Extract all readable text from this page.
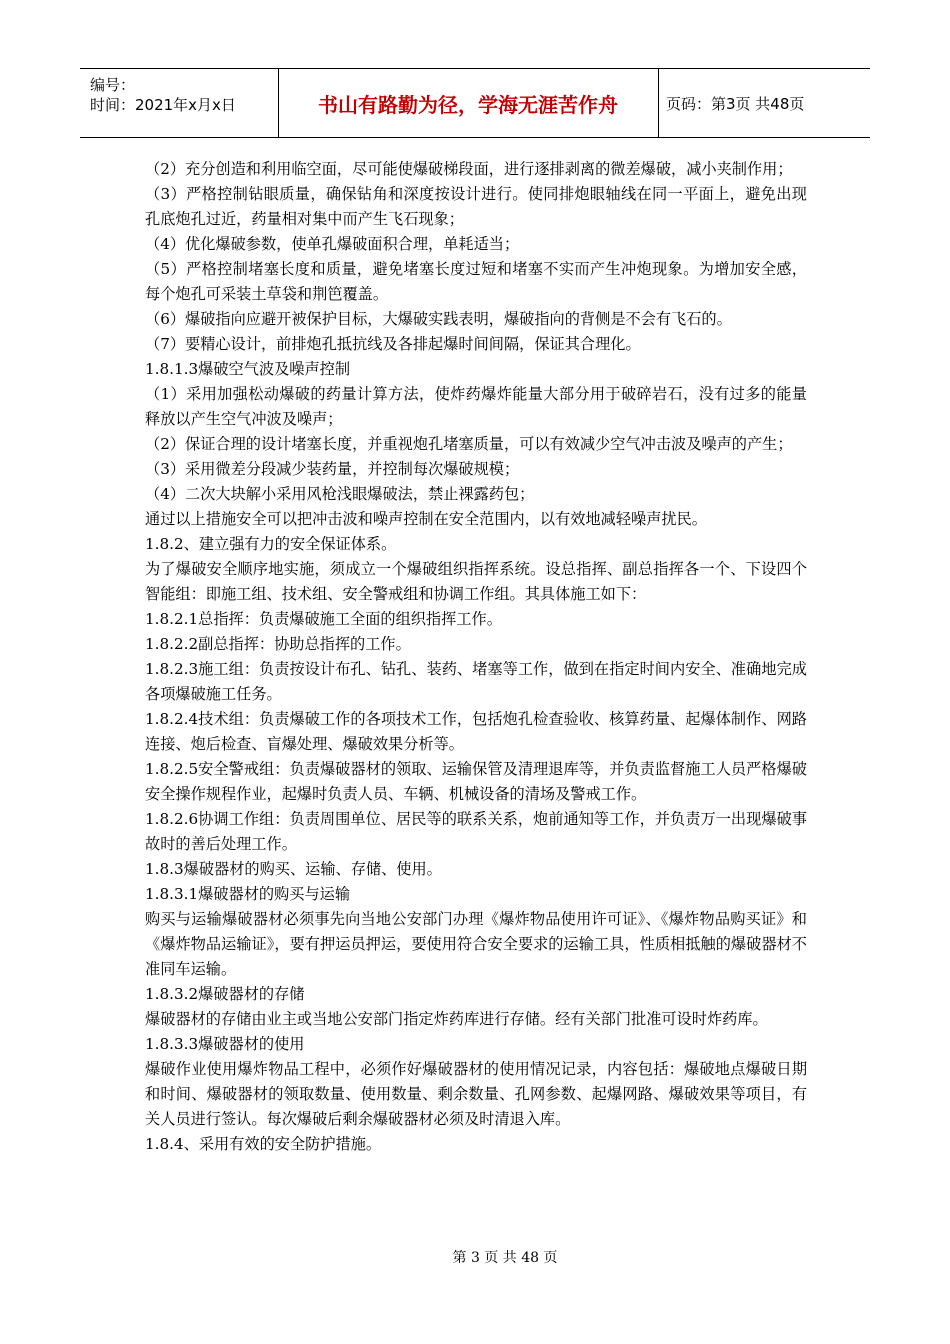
编号：
时间：2021年x月x日	书山有路勤为径，学海无涯苦作舟	页码：第3页 共48页

（2）充分创造和利用临空面，尽可能使爆破梯段面，进行逐排剥离的微差爆破，减小夹制作用；

（3）严格控制钻眼质量，确保钻角和深度按设计进行。使同排炮眼轴线在同一平面上，避免出现孔底炮孔过近，药量相对集中而产生飞石现象；

（4）优化爆破参数，使单孔爆破面积合理，单耗适当；

（5）严格控制堵塞长度和质量，避免堵塞长度过短和堵塞不实而产生冲炮现象。为增加安全感，每个炮孔可采装土草袋和荆笆覆盖。

（6）爆破指向应避开被保护目标，大爆破实践表明，爆破指向的背侧是不会有飞石的。

（7）要精心设计，前排炮孔抵抗线及各排起爆时间间隔，保证其合理化。

1.8.1.3爆破空气波及噪声控制

（1）采用加强松动爆破的药量计算方法，使炸药爆炸能量大部分用于破碎岩石，没有过多的能量释放以产生空气冲波及噪声；

（2）保证合理的设计堵塞长度，并重视炮孔堵塞质量，可以有效减少空气冲击波及噪声的产生；

（3）采用微差分段减少装药量，并控制每次爆破规模；

（4）二次大块解小采用风枪浅眼爆破法，禁止裸露药包；

通过以上措施安全可以把冲击波和噪声控制在安全范围内，以有效地减轻噪声扰民。

1.8.2、建立强有力的安全保证体系。

为了爆破安全顺序地实施，须成立一个爆破组织指挥系统。设总指挥、副总指挥各一个、下设四个智能组：即施工组、技术组、安全警戒组和协调工作组。其具体施工如下：

1.8.2.1总指挥：负责爆破施工全面的组织指挥工作。

1.8.2.2副总指挥：协助总指挥的工作。

1.8.2.3施工组：负责按设计布孔、钻孔、装药、堵塞等工作，做到在指定时间内安全、准确地完成各项爆破施工任务。

1.8.2.4技术组：负责爆破工作的各项技术工作，包括炮孔检查验收、核算药量、起爆体制作、网路连接、炮后检查、盲爆处理、爆破效果分析等。

1.8.2.5安全警戒组：负责爆破器材的领取、运输保管及清理退库等，并负责监督施工人员严格爆破安全操作规程作业，起爆时负责人员、车辆、机械设备的清场及警戒工作。

1.8.2.6协调工作组：负责周围单位、居民等的联系关系，炮前通知等工作，并负责万一出现爆破事故时的善后处理工作。

1.8.3爆破器材的购买、运输、存储、使用。

1.8.3.1爆破器材的购买与运输

购买与运输爆破器材必须事先向当地公安部门办理《爆炸物品使用许可证》、《爆炸物品购买证》和《爆炸物品运输证》，要有押运员押运，要使用符合安全要求的运输工具，性质相抵触的爆破器材不准同车运输。

1.8.3.2爆破器材的存储

爆破器材的存储由业主或当地公安部门指定炸药库进行存储。经有关部门批准可设时炸药库。

1.8.3.3爆破器材的使用

爆破作业使用爆炸物品工程中，必须作好爆破器材的使用情况记录，内容包括：爆破地点爆破日期和时间、爆破器材的领取数量、使用数量、剩余数量、孔网参数、起爆网路、爆破效果等项目，有关人员进行签认。每次爆破后剩余爆破器材必须及时清退入库。

1.8.4、采用有效的安全防护措施。

第 3 页 共 48 页
